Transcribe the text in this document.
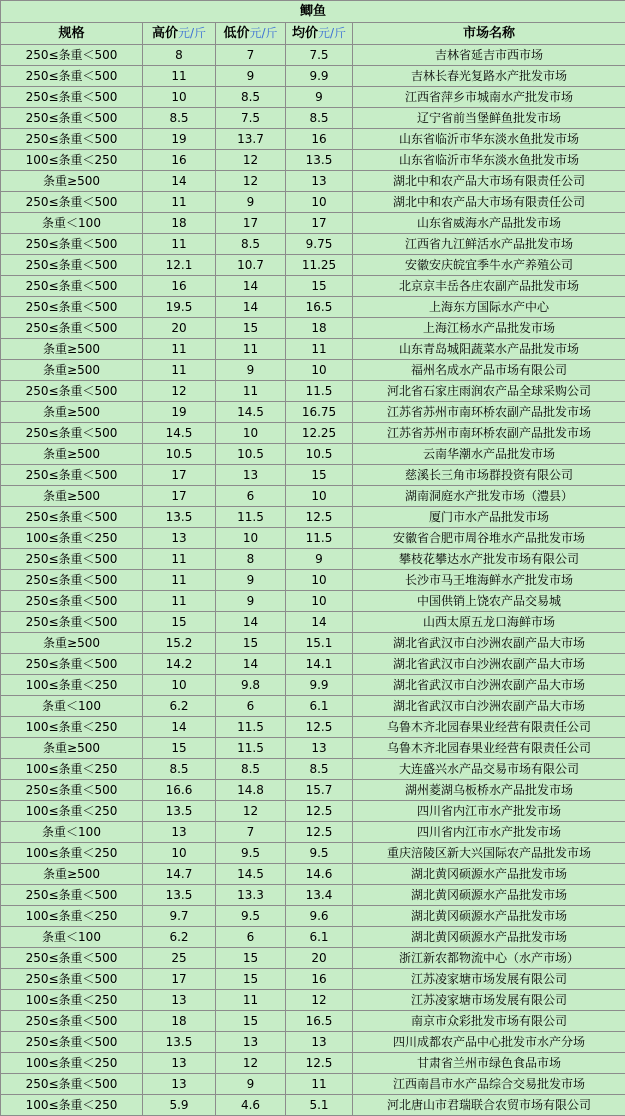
鲫鱼				
规格	高价元/斤	低价元/斤	均价元/斤	市场名称
250≤条重＜500	8	7	7.5	吉林省延吉市西市场
250≤条重＜500	11	9	9.9	吉林长春光复路水产批发市场
250≤条重＜500	10	8.5	9	江西省萍乡市城南水产批发市场
250≤条重＜500	8.5	7.5	8.5	辽宁省前当堡鲜鱼批发市场
250≤条重＜500	19	13.7	16	山东省临沂市华东淡水鱼批发市场
100≤条重＜250	16	12	13.5	山东省临沂市华东淡水鱼批发市场
条重≥500	14	12	13	湖北中和农产品大市场有限责任公司
250≤条重＜500	11	9	10	湖北中和农产品大市场有限责任公司
条重＜100	18	17	17	山东省威海水产品批发市场
250≤条重＜500	11	8.5	9.75	江西省九江鲜活水产品批发市场
250≤条重＜500	12.1	10.7	11.25	安徽安庆皖宜季牛水产养殖公司
250≤条重＜500	16	14	15	北京京丰岳各庄农副产品批发市场
250≤条重＜500	19.5	14	16.5	上海东方国际水产中心
250≤条重＜500	20	15	18	上海江杨水产品批发市场
条重≥500	11	11	11	山东青岛城阳蔬菜水产品批发市场
条重≥500	11	9	10	福州名成水产品市场有限公司
250≤条重＜500	12	11	11.5	河北省石家庄雨润农产品全球采购公司
条重≥500	19	14.5	16.75	江苏省苏州市南环桥农副产品批发市场
250≤条重＜500	14.5	10	12.25	江苏省苏州市南环桥农副产品批发市场
条重≥500	10.5	10.5	10.5	云南华潮水产品批发市场
250≤条重＜500	17	13	15	慈溪长三角市场群投资有限公司
条重≥500	17	6	10	湖南洞庭水产批发市场（澧县）
250≤条重＜500	13.5	11.5	12.5	厦门市水产品批发市场
100≤条重＜250	13	10	11.5	安徽省合肥市周谷堆水产品批发市场
250≤条重＜500	11	8	9	攀枝花攀达水产批发市场有限公司
250≤条重＜500	11	9	10	长沙市马王堆海鲜水产批发市场
250≤条重＜500	11	9	10	中国供销上饶农产品交易城
250≤条重＜500	15	14	14	山西太原五龙口海鲜市场
条重≥500	15.2	15	15.1	湖北省武汉市白沙洲农副产品大市场
250≤条重＜500	14.2	14	14.1	湖北省武汉市白沙洲农副产品大市场
100≤条重＜250	10	9.8	9.9	湖北省武汉市白沙洲农副产品大市场
条重＜100	6.2	6	6.1	湖北省武汉市白沙洲农副产品大市场
100≤条重＜250	14	11.5	12.5	乌鲁木齐北园春果业经营有限责任公司
条重≥500	15	11.5	13	乌鲁木齐北园春果业经营有限责任公司
100≤条重＜250	8.5	8.5	8.5	大连盛兴水产品交易市场有限公司
250≤条重＜500	16.6	14.8	15.7	湖州菱湖乌板桥水产品批发市场
100≤条重＜250	13.5	12	12.5	四川省内江市水产批发市场
条重＜100	13	7	12.5	四川省内江市水产批发市场
100≤条重＜250	10	9.5	9.5	重庆涪陵区新大兴国际农产品批发市场
条重≥500	14.7	14.5	14.6	湖北黄冈硕源水产品批发市场
250≤条重＜500	13.5	13.3	13.4	湖北黄冈硕源水产品批发市场
100≤条重＜250	9.7	9.5	9.6	湖北黄冈硕源水产品批发市场
条重＜100	6.2	6	6.1	湖北黄冈硕源水产品批发市场
250≤条重＜500	25	15	20	浙江新农都物流中心（水产市场）
250≤条重＜500	17	15	16	江苏凌家塘市场发展有限公司
100≤条重＜250	13	11	12	江苏凌家塘市场发展有限公司
250≤条重＜500	18	15	16.5	南京市众彩批发市场有限公司
250≤条重＜500	13.5	13	13	四川成都农产品中心批发市水产分场
100≤条重＜250	13	12	12.5	甘肃省兰州市绿色食品市场
250≤条重＜500	13	9	11	江西南昌市水产品综合交易批发市场
100≤条重＜250	5.9	4.6	5.1	河北唐山市君瑞联合农贸市场有限公司
